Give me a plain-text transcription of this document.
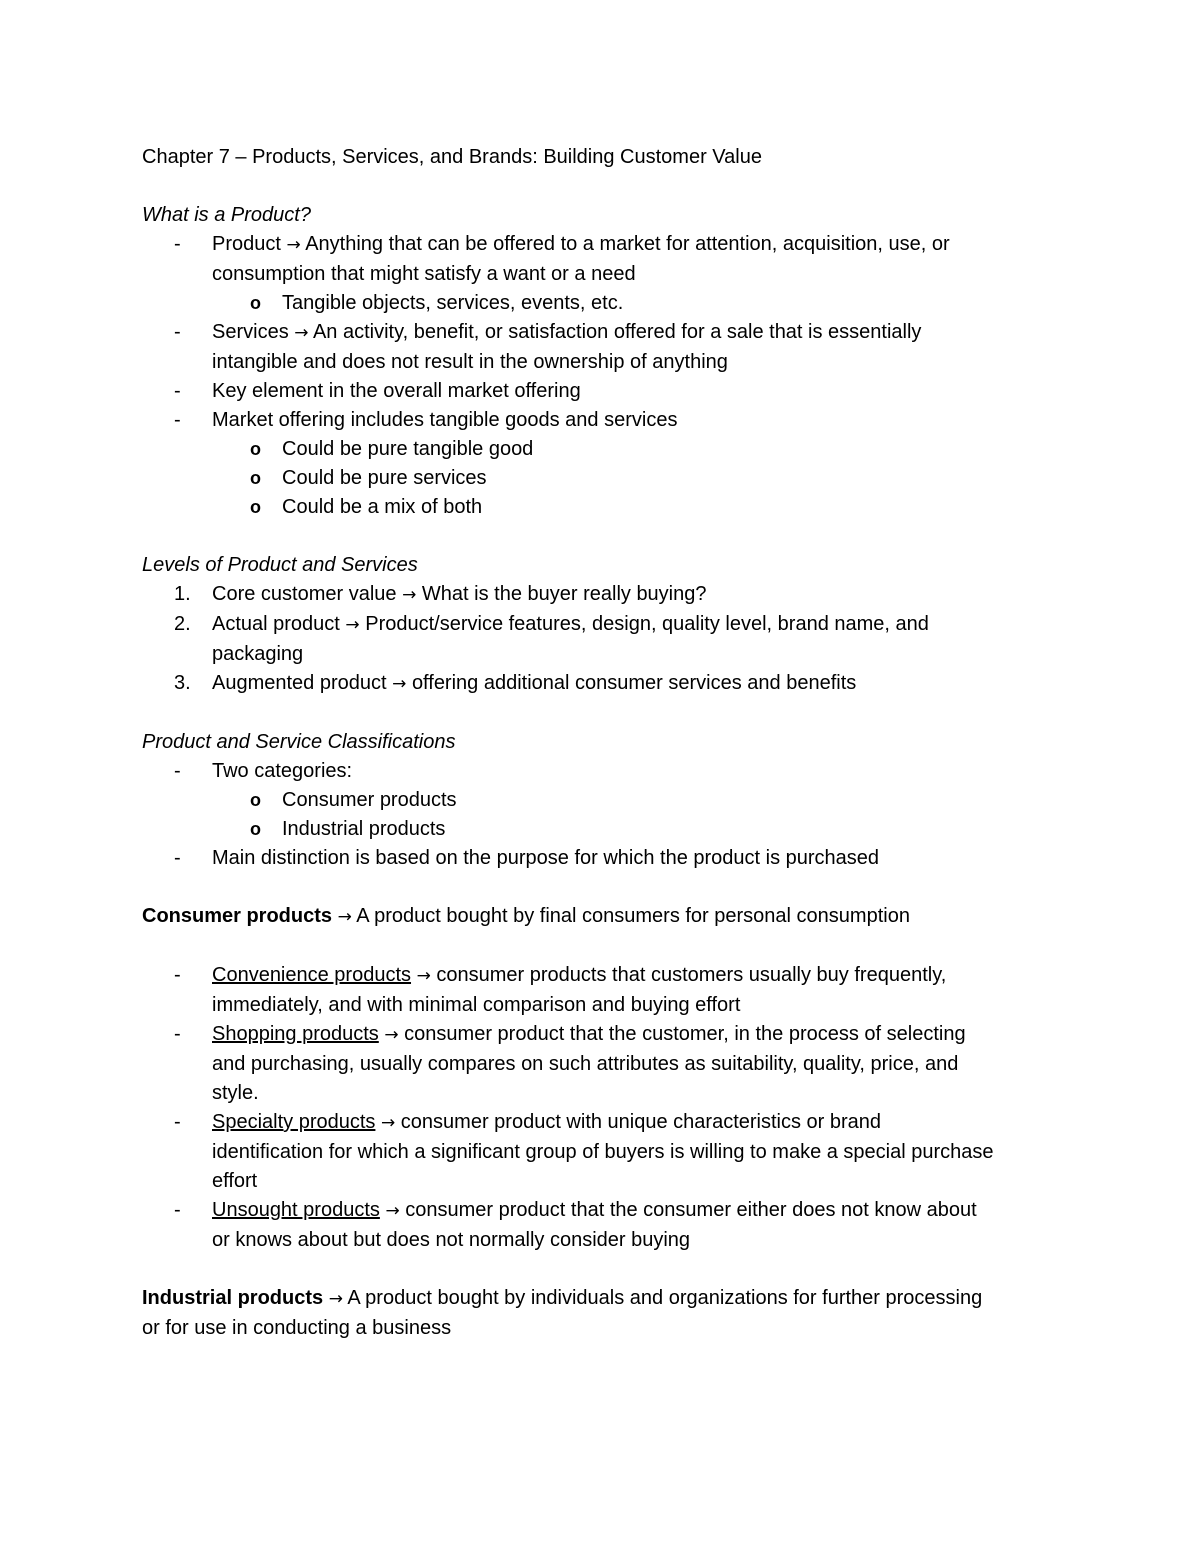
Chapter 7 – Products, Services, and Brands: Building Customer Value
What is a Product?
- Product → Anything that can be offered to a market for attention, acquisition, use, or
consumption that might satisfy a want or a need
o Tangible objects, services, events, etc.
- Services → An activity, benefit, or satisfaction offered for a sale that is essentially
intangible and does not result in the ownership of anything
- Key element in the overall market offering
- Market offering includes tangible goods and services
o Could be pure tangible good
o Could be pure services
o Could be a mix of both
Levels of Product and Services
1. Core customer value → What is the buyer really buying?
2. Actual product → Product/service features, design, quality level, brand name, and
packaging
3. Augmented product → offering additional consumer services and benefits
Product and Service Classifications
- Two categories:
o Consumer products
o Industrial products
- Main distinction is based on the purpose for which the product is purchased
Consumer products → A product bought by final consumers for personal consumption
- Convenience products → consumer products that customers usually buy frequently,
immediately, and with minimal comparison and buying effort
- Shopping products → consumer product that the customer, in the process of selecting
and purchasing, usually compares on such attributes as suitability, quality, price, and
style.
- Specialty products → consumer product with unique characteristics or brand
identification for which a significant group of buyers is willing to make a special purchase
effort
- Unsought products → consumer product that the consumer either does not know about
or knows about but does not normally consider buying
Industrial products → A product bought by individuals and organizations for further processing
or for use in conducting a business
